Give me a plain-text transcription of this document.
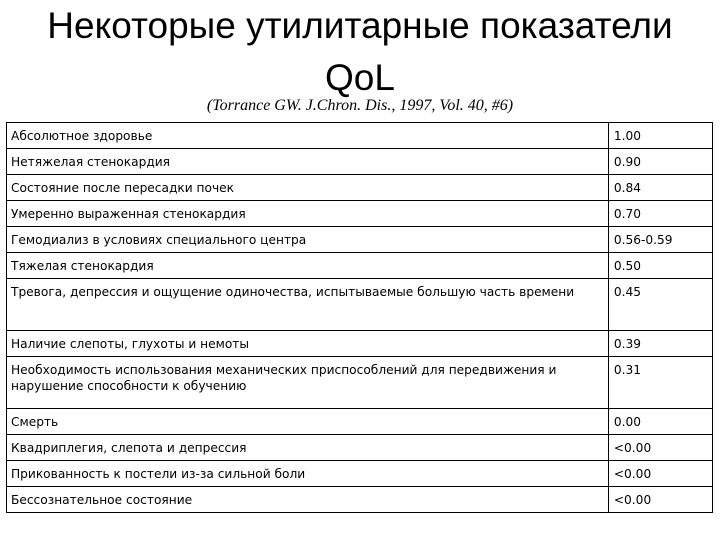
Некоторые утилитарные показатели
QoL
(Torrance GW. J.Chron. Dis., 1997, Vol. 40, #6)
Абсолютное здоровье	1.00
Нетяжелая стенокардия	0.90
Состояние после пересадки почек	0.84
Умеренно выраженная стенокардия	0.70
Гемодиализ в условиях специального центра	0.56-0.59
Тяжелая стенокардия	0.50
Тревога, депрессия и ощущение одиночества, испытываемые большую часть времени	0.45
Наличие слепоты, глухоты и немоты	0.39
Необходимость использования механических приспособлений для передвижения и нарушение способности к обучению	0.31
Смерть	0.00
Квадриплегия, слепота и депрессия	<0.00
Прикованность к постели из-за сильной боли	<0.00
Бессознательное состояние	<0.00
